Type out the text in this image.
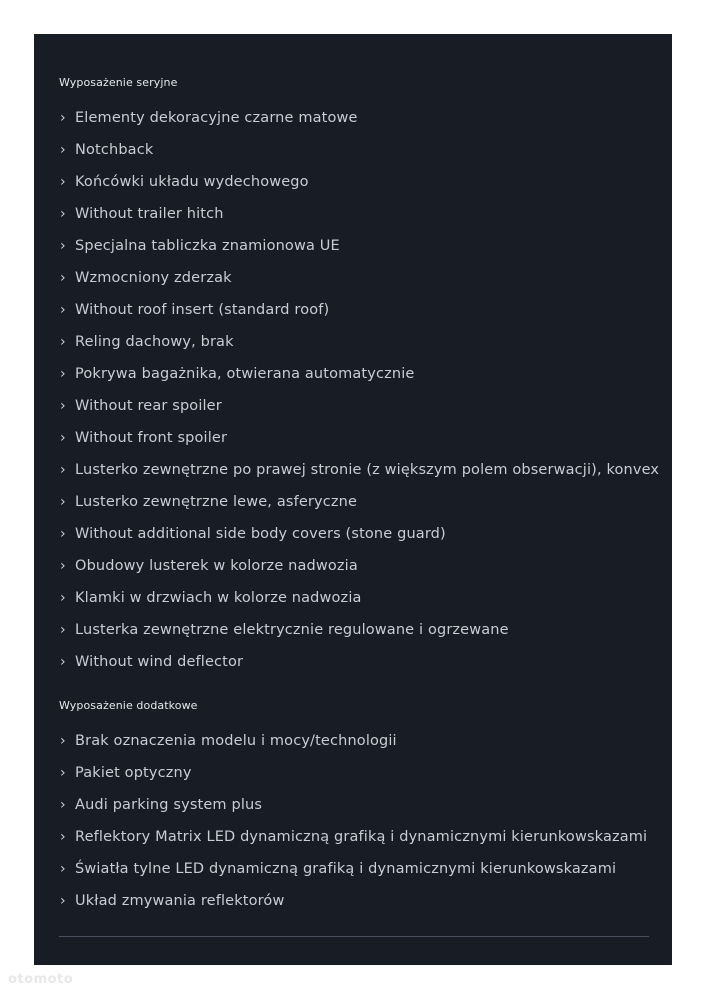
Wyposażenie seryjne
› Elementy dekoracyjne czarne matowe
› Notchback
› Końcówki układu wydechowego
› Without trailer hitch
› Specjalna tabliczka znamionowa UE
› Wzmocniony zderzak
› Without roof insert (standard roof)
› Reling dachowy, brak
› Pokrywa bagażnika, otwierana automatycznie
› Without rear spoiler
› Without front spoiler
› Lusterko zewnętrzne po prawej stronie (z większym polem obserwacji), konvex
› Lusterko zewnętrzne lewe, asferyczne
› Without additional side body covers (stone guard)
› Obudowy lusterek w kolorze nadwozia
› Klamki w drzwiach w kolorze nadwozia
› Lusterka zewnętrzne elektrycznie regulowane i ogrzewane
› Without wind deflector
Wyposażenie dodatkowe
› Brak oznaczenia modelu i mocy/technologii
› Pakiet optyczny
› Audi parking system plus
› Reflektory Matrix LED dynamiczną grafiką i dynamicznymi kierunkowskazami
› Światła tylne LED dynamiczną grafiką i dynamicznymi kierunkowskazami
› Układ zmywania reflektorów
otomoto
